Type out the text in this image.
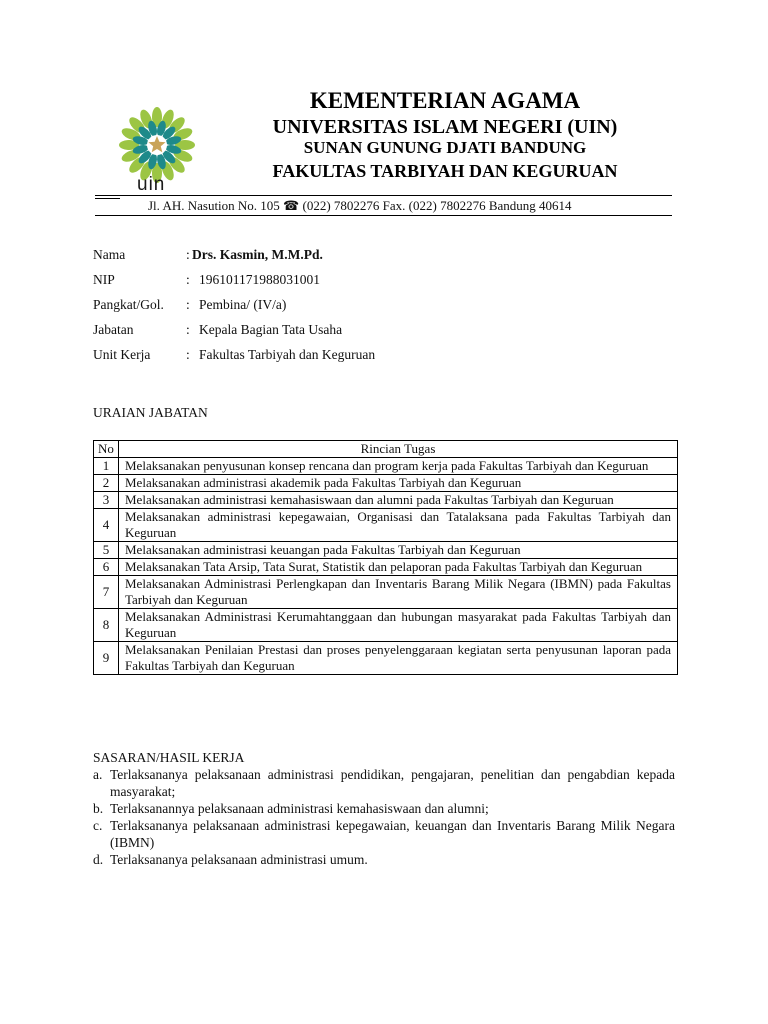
uin
KEMENTERIAN AGAMA
UNIVERSITAS ISLAM NEGERI (UIN)
SUNAN GUNUNG DJATI BANDUNG
FAKULTAS TARBIYAH DAN KEGURUAN
Jl. AH. Nasution No. 105 ☎ (022) 7802276 Fax. (022) 7802276 Bandung 40614
Nama	: Drs. Kasmin, M.M.Pd.
NIP	: 196101171988031001
Pangkat/Gol.	: Pembina/ (IV/a)
Jabatan	: Kepala Bagian Tata Usaha
Unit Kerja	: Fakultas Tarbiyah dan Keguruan
URAIAN JABATAN
No	Rincian Tugas
1	Melaksanakan penyusunan konsep rencana dan program kerja pada Fakultas Tarbiyah dan Keguruan
2	Melaksanakan administrasi akademik pada Fakultas Tarbiyah dan Keguruan
3	Melaksanakan administrasi kemahasiswaan dan alumni pada Fakultas Tarbiyah dan Keguruan
4	Melaksanakan administrasi kepegawaian, Organisasi dan Tatalaksana pada Fakultas Tarbiyah dan Keguruan
5	Melaksanakan administrasi keuangan pada Fakultas Tarbiyah dan Keguruan
6	Melaksanakan Tata Arsip, Tata Surat, Statistik dan pelaporan pada Fakultas Tarbiyah dan Keguruan
7	Melaksanakan Administrasi Perlengkapan dan Inventaris Barang Milik Negara (IBMN) pada Fakultas Tarbiyah dan Keguruan
8	Melaksanakan Administrasi Kerumahtanggaan dan hubungan masyarakat pada Fakultas Tarbiyah dan Keguruan
9	Melaksanakan Penilaian Prestasi dan proses penyelenggaraan kegiatan serta penyusunan laporan pada Fakultas Tarbiyah dan Keguruan
SASARAN/HASIL KERJA
a. Terlaksananya pelaksanaan administrasi pendidikan, pengajaran, penelitian dan pengabdian kepada masyarakat;
b. Terlaksanannya pelaksanaan administrasi kemahasiswaan dan alumni;
c. Terlaksananya pelaksanaan administrasi kepegawaian, keuangan dan Inventaris Barang Milik Negara (IBMN)
d. Terlaksananya pelaksanaan administrasi umum.
